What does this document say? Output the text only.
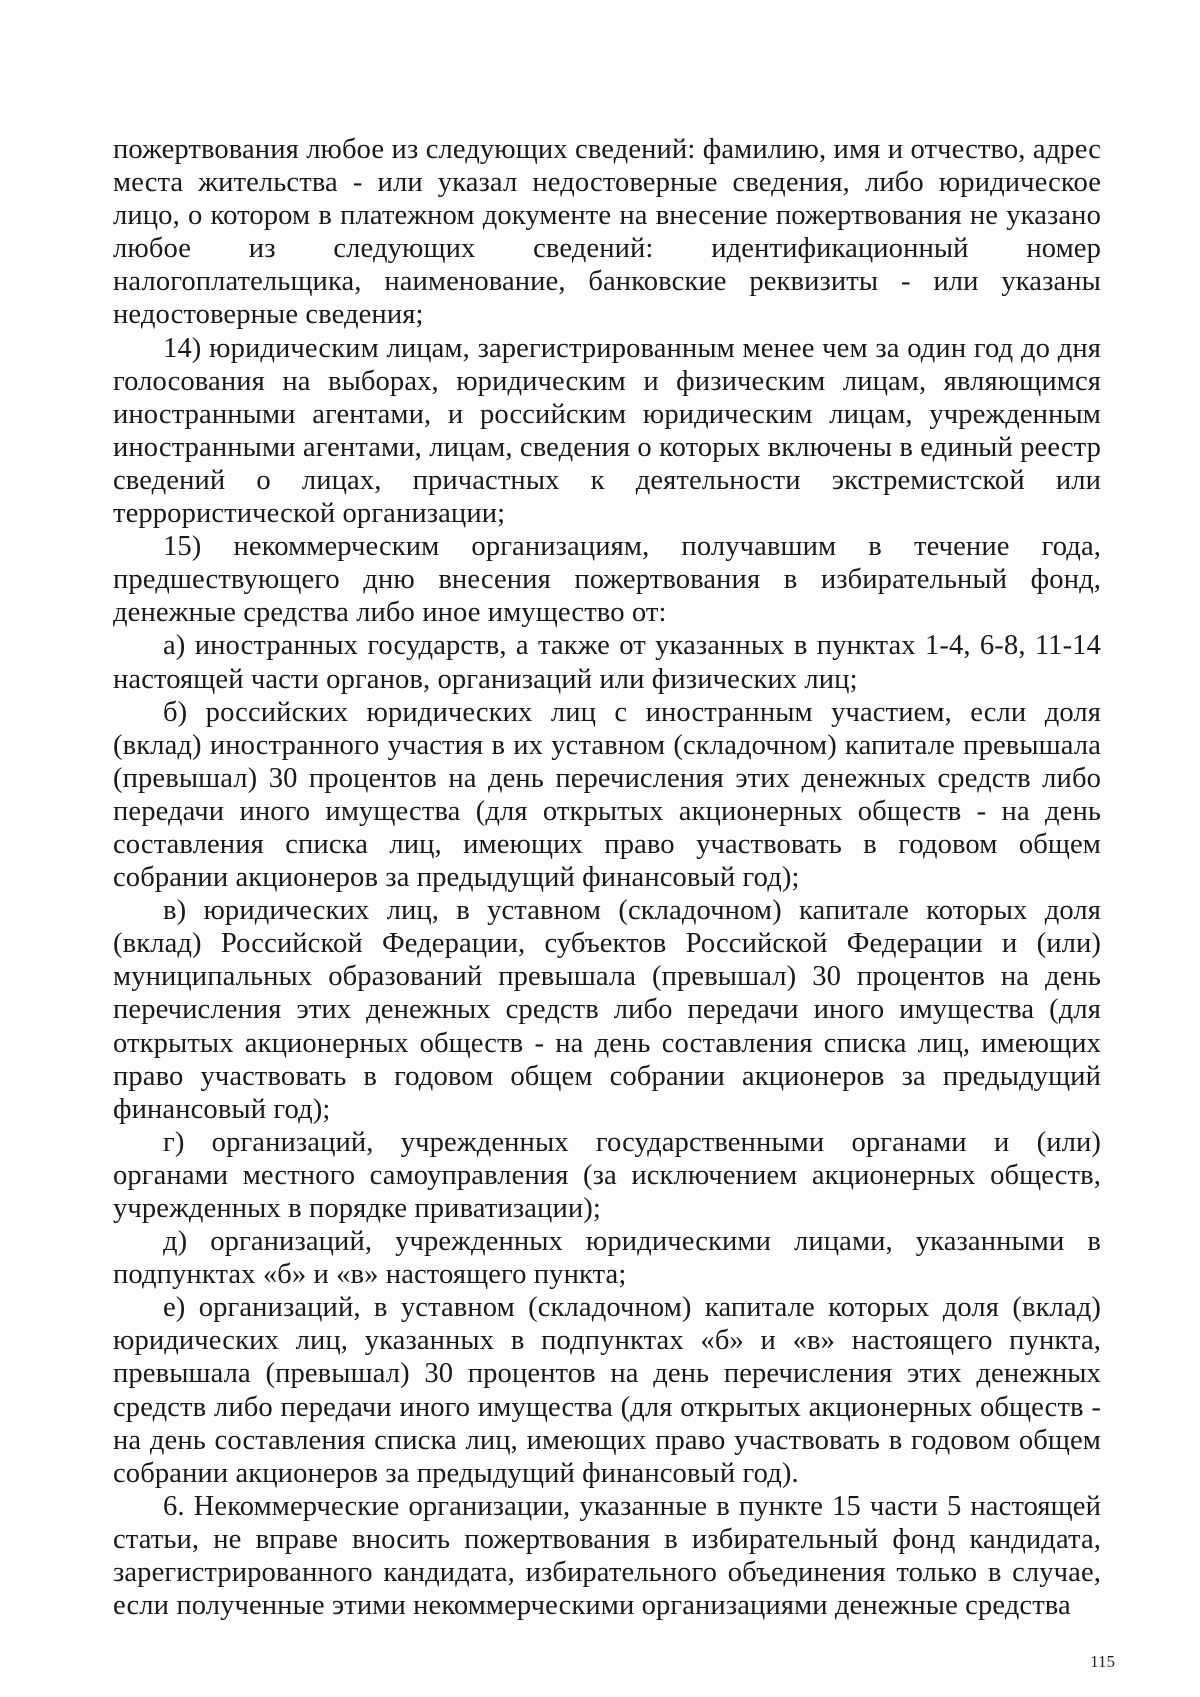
пожертвования любое из следующих сведений: фамилию, имя и отчество, адрес места жительства - или указал недостоверные сведения, либо юридическое лицо, о котором в платежном документе на внесение пожертвования не указано любое из следующих сведений: идентификационный номер налогоплательщика, наименование, банковские реквизиты - или указаны недостоверные сведения;

14) юридическим лицам, зарегистрированным менее чем за один год до дня голосования на выборах, юридическим и физическим лицам, являющимся иностранными агентами, и российским юридическим лицам, учрежденным иностранными агентами, лицам, сведения о которых включены в единый реестр сведений о лицах, причастных к деятельности экстремистской или террористической организации;

15) некоммерческим организациям, получавшим в течение года, предшествующего дню внесения пожертвования в избирательный фонд, денежные средства либо иное имущество от:

а) иностранных государств, а также от указанных в пунктах 1-4, 6-8, 11-14 настоящей части органов, организаций или физических лиц;

б) российских юридических лиц с иностранным участием, если доля (вклад) иностранного участия в их уставном (складочном) капитале превышала (превышал) 30 процентов на день перечисления этих денежных средств либо передачи иного имущества (для открытых акционерных обществ - на день составления списка лиц, имеющих право участвовать в годовом общем собрании акционеров за предыдущий финансовый год);

в) юридических лиц, в уставном (складочном) капитале которых доля (вклад) Российской Федерации, субъектов Российской Федерации и (или) муниципальных образований превышала (превышал) 30 процентов на день перечисления этих денежных средств либо передачи иного имущества (для открытых акционерных обществ - на день составления списка лиц, имеющих право участвовать в годовом общем собрании акционеров за предыдущий финансовый год);

г) организаций, учрежденных государственными органами и (или) органами местного самоуправления (за исключением акционерных обществ, учрежденных в порядке приватизации);

д) организаций, учрежденных юридическими лицами, указанными в подпунктах «б» и «в» настоящего пункта;

е) организаций, в уставном (складочном) капитале которых доля (вклад) юридических лиц, указанных в подпунктах «б» и «в» настоящего пункта, превышала (превышал) 30 процентов на день перечисления этих денежных средств либо передачи иного имущества (для открытых акционерных обществ - на день составления списка лиц, имеющих право участвовать в годовом общем собрании акционеров за предыдущий финансовый год).

6. Некоммерческие организации, указанные в пункте 15 части 5 настоящей статьи, не вправе вносить пожертвования в избирательный фонд кандидата, зарегистрированного кандидата, избирательного объединения только в случае, если полученные этими некоммерческими организациями денежные средства

115
